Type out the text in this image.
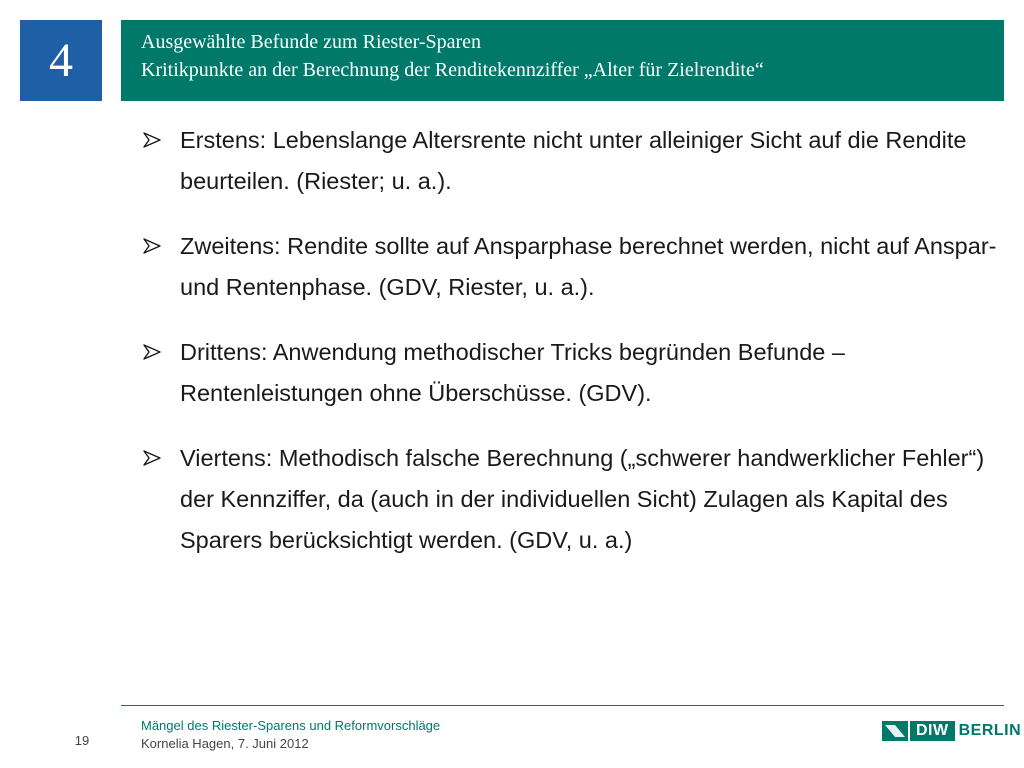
4	Ausgewählte Befunde zum Riester-Sparen
Kritikpunkte an der Berechnung der Renditekennziffer „Alter für Zielrendite“
Erstens: Lebenslange Altersrente nicht unter alleiniger Sicht auf die Rendite beurteilen. (Riester; u. a.).
Zweitens: Rendite sollte auf Ansparphase berechnet werden, nicht auf Anspar- und Rentenphase. (GDV, Riester, u. a.).
Drittens: Anwendung methodischer Tricks begründen Befunde – Rentenleistungen ohne Überschüsse. (GDV).
Viertens: Methodisch falsche Berechnung („schwerer handwerklicher Fehler“) der Kennziffer, da (auch in der individuellen Sicht) Zulagen als Kapital des Sparers berücksichtigt werden. (GDV, u. a.)
19
Mängel des Riester-Sparens und Reformvorschläge
Kornelia Hagen, 7. Juni 2012
DIW BERLIN
